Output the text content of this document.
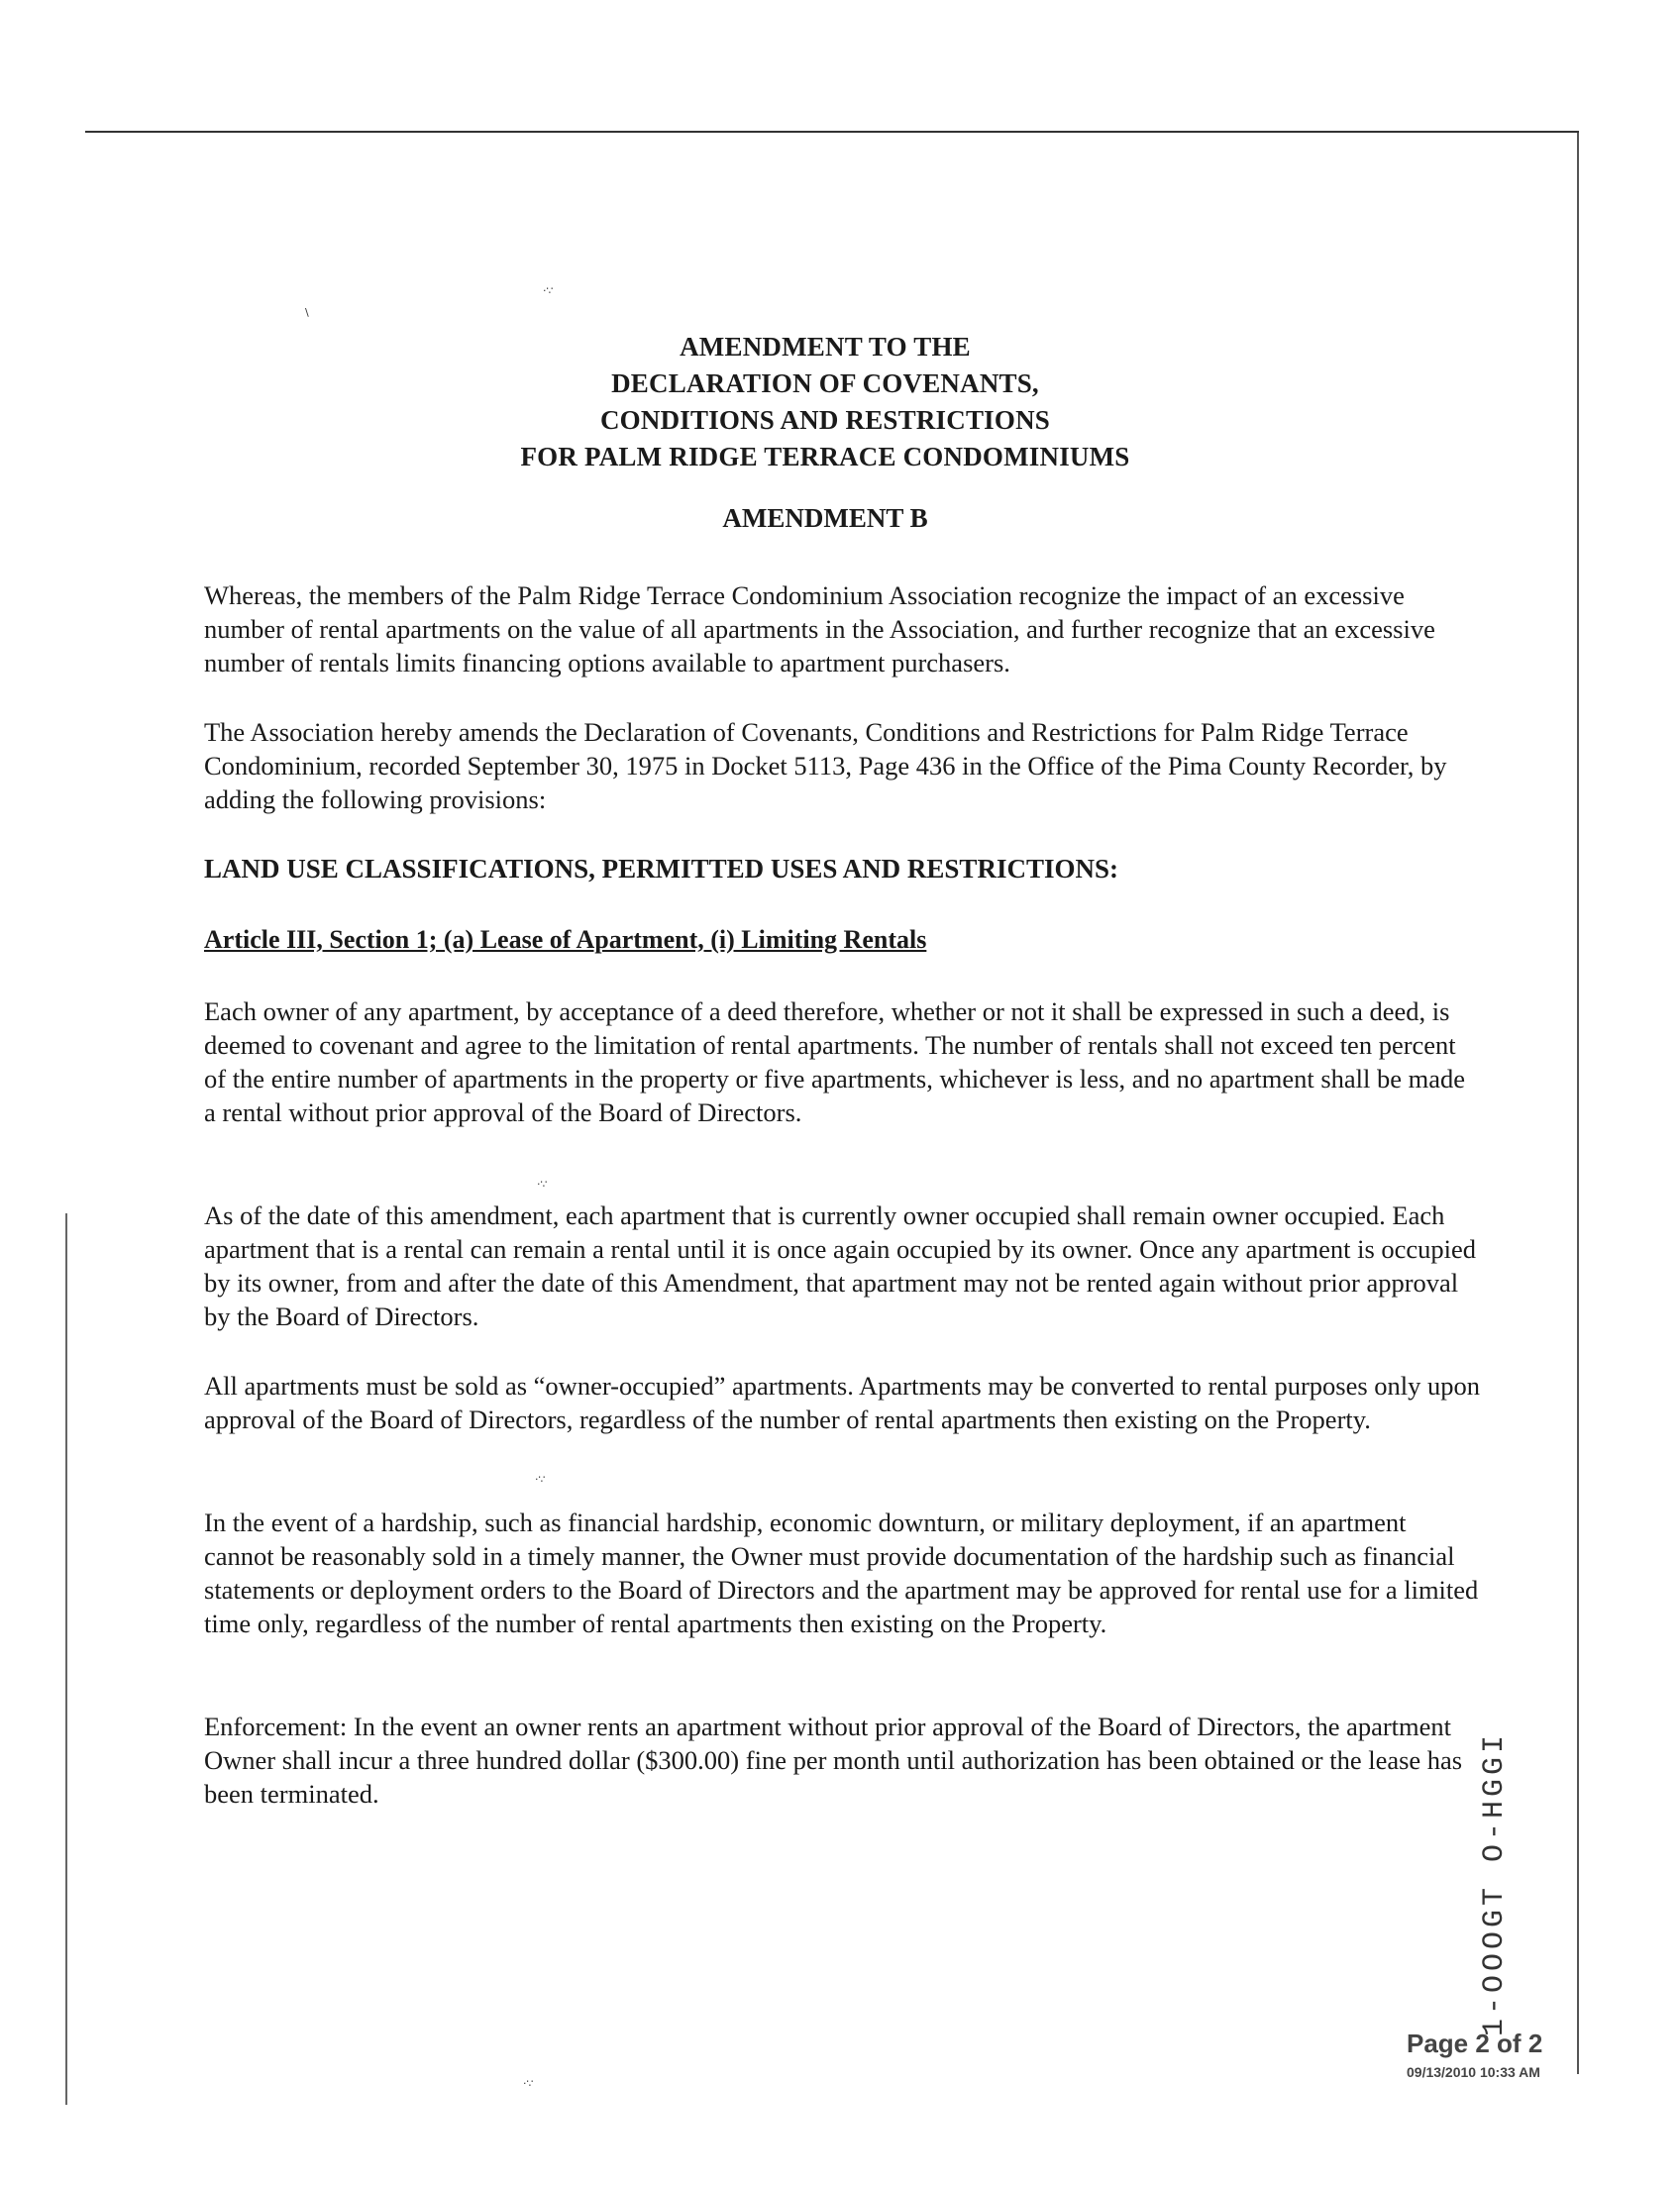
·∵
\
·∵
·∵
·∵
AMENDMENT TO THE
DECLARATION OF COVENANTS,
CONDITIONS AND RESTRICTIONS
FOR PALM RIDGE TERRACE CONDOMINIUMS
AMENDMENT B

Whereas, the members of the Palm Ridge Terrace Condominium Association recognize the impact of an excessive number of rental apartments on the value of all apartments in the Association, and further recognize that an excessive number of rentals limits financing options available to apartment purchasers.

The Association hereby amends the Declaration of Covenants, Conditions and Restrictions for Palm Ridge Terrace Condominium, recorded September 30, 1975 in Docket 5113, Page 436 in the Office of the Pima County Recorder, by adding the following provisions:

LAND USE CLASSIFICATIONS, PERMITTED USES AND RESTRICTIONS:

Article III, Section 1; (a) Lease of Apartment, (i) Limiting Rentals

Each owner of any apartment, by acceptance of a deed therefore, whether or not it shall be expressed in such a deed, is deemed to covenant and agree to the limitation of rental apartments. The number of rentals shall not exceed ten percent of the entire number of apartments in the property or five apartments, whichever is less, and no apartment shall be made a rental without prior approval of the Board of Directors.

As of the date of this amendment, each apartment that is currently owner occupied shall remain owner occupied. Each apartment that is a rental can remain a rental until it is once again occupied by its owner. Once any apartment is occupied by its owner, from and after the date of this Amendment, that apartment may not be rented again without prior approval by the Board of Directors.

All apartments must be sold as “owner-occupied” apartments. Apartments may be converted to rental purposes only upon approval of the Board of Directors, regardless of the number of rental apartments then existing on the Property.

In the event of a hardship, such as financial hardship, economic downturn, or military deployment, if an apartment cannot be reasonably sold in a timely manner, the Owner must provide documentation of the hardship such as financial statements or deployment orders to the Board of Directors and the apartment may be approved for rental use for a limited time only, regardless of the number of rental apartments then existing on the Property.

Enforcement: In the event an owner rents an apartment without prior approval of the Board of Directors, the apartment Owner shall incur a three hundred dollar ($300.00) fine per month until authorization has been obtained or the lease has been terminated.	1-OOOGT O-HGGI
Page 2 of 2
09/13/2010 10:33 AM
